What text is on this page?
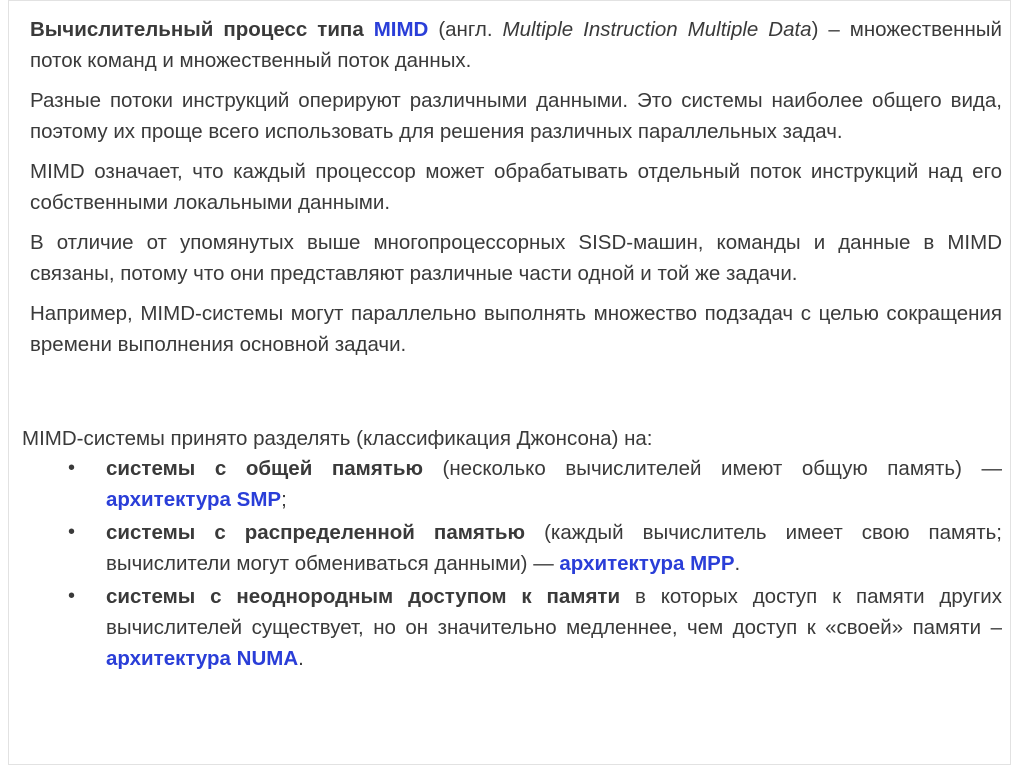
Вычислительный процесс типа MIMD (англ. Multiple Instruction Multiple Data) – множественный поток команд и множественный поток данных.

Разные потоки инструкций оперируют различными данными. Это системы наиболее общего вида, поэтому их проще всего использовать для решения различных параллельных задач.

MIMD означает, что каждый процессор может обрабатывать отдельный поток инструкций над его собственными локальными данными.

В отличие от упомянутых выше многопроцессорных SISD-машин, команды и данные в MIMD связаны, потому что они представляют различные части одной и той же задачи.

Например, MIMD-системы могут параллельно выполнять множество подзадач с целью сокращения времени выполнения основной задачи.

MIMD-системы принято разделять (классификация Джонсона) на:
• системы с общей памятью (несколько вычислителей имеют общую память) — архитектура SMP;
• системы с распределенной памятью (каждый вычислитель имеет свою память; вычислители могут обмениваться данными) — архитектура MPP.
• системы с неоднородным доступом к памяти в которых доступ к памяти других вычислителей существует, но он значительно медленнее, чем доступ к «своей» памяти – архитектура NUMA.
